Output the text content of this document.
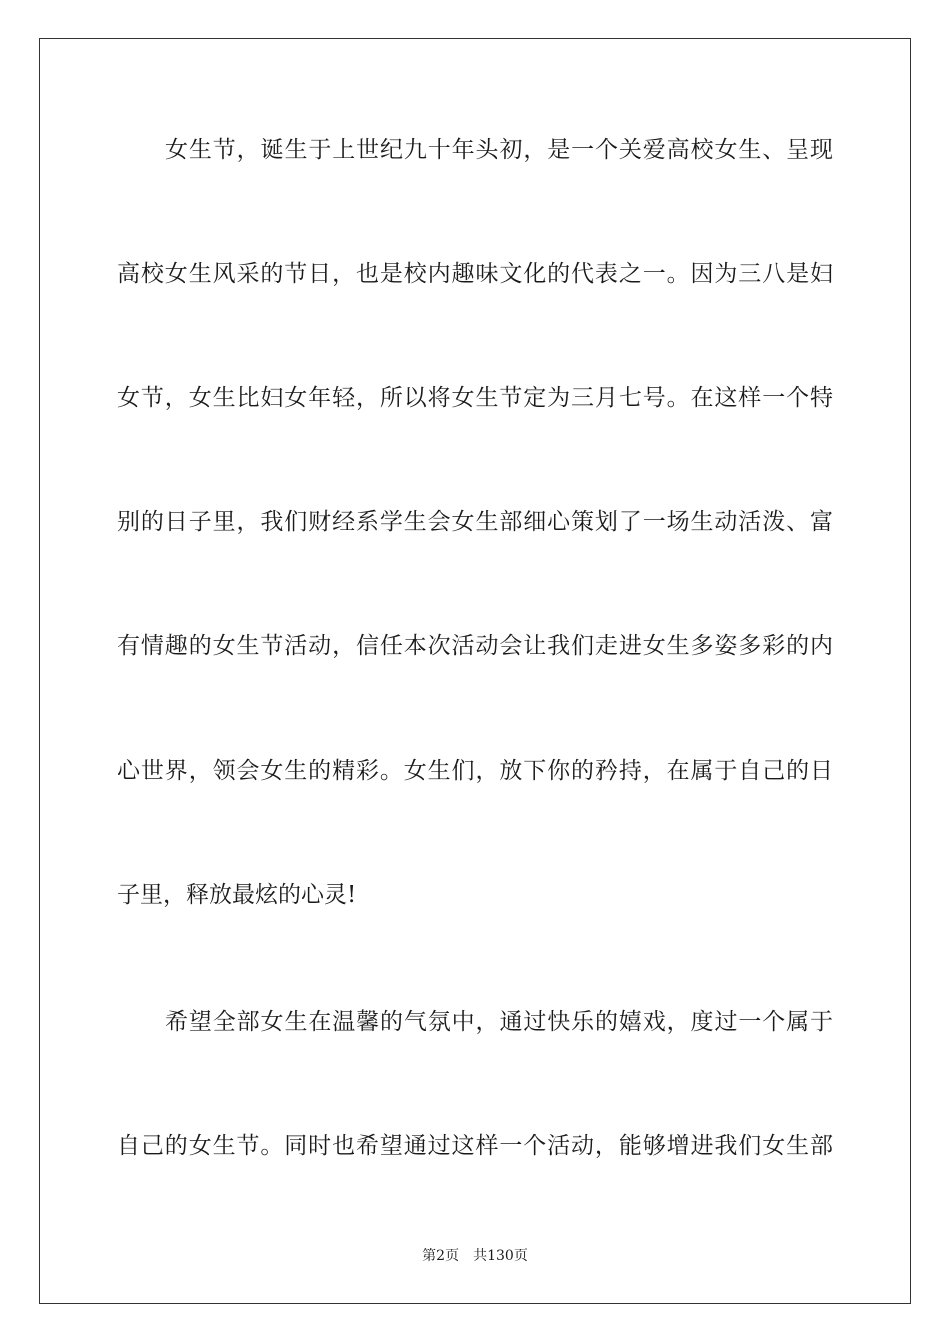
女生节，诞生于上世纪九十年头初，是一个关爱高校女生、呈现
高校女生风采的节日，也是校内趣味文化的代表之一。因为三八是妇
女节，女生比妇女年轻，所以将女生节定为三月七号。在这样一个特
别的日子里，我们财经系学生会女生部细心策划了一场生动活泼、富
有情趣的女生节活动，信任本次活动会让我们走进女生多姿多彩的内
心世界，领会女生的精彩。女生们，放下你的矜持，在属于自己的日
子里，释放最炫的心灵!
希望全部女生在温馨的气氛中，通过快乐的嬉戏，度过一个属于
自己的女生节。同时也希望通过这样一个活动，能够增进我们女生部
第2页 共130页
